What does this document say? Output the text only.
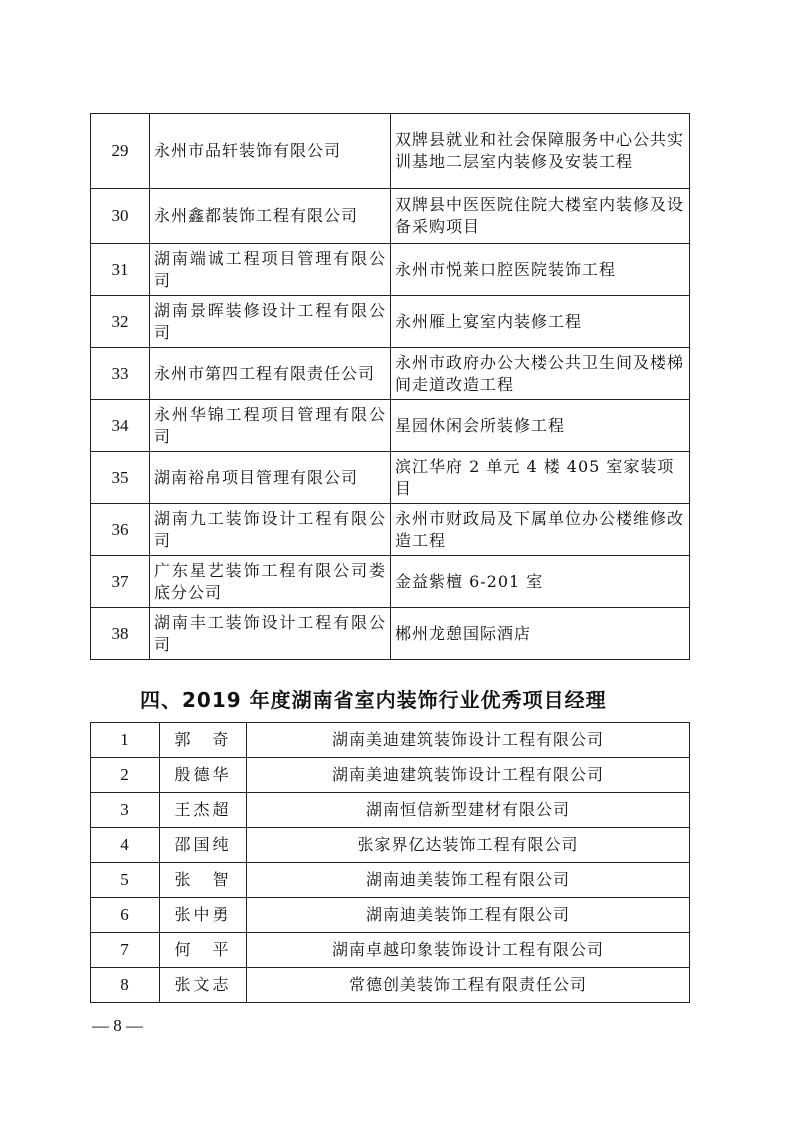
29	永州市品轩装饰有限公司	双牌县就业和社会保障服务中心公共实训基地二层室内装修及安装工程
30	永州鑫都装饰工程有限公司	双牌县中医医院住院大楼室内装修及设备采购项目
31	湖南端诚工程项目管理有限公司	永州市悦莱口腔医院装饰工程
32	湖南景晖装修设计工程有限公司	永州雁上宴室内装修工程
33	永州市第四工程有限责任公司	永州市政府办公大楼公共卫生间及楼梯间走道改造工程
34	永州华锦工程项目管理有限公司	星园休闲会所装修工程
35	湖南裕帛项目管理有限公司	滨江华府 2 单元 4 楼 405 室家装项目
36	湖南九工装饰设计工程有限公司	永州市财政局及下属单位办公楼维修改造工程
37	广东星艺装饰工程有限公司娄底分公司	金益紫檀 6-201 室
38	湖南丰工装饰设计工程有限公司	郴州龙憩国际酒店
四、2019 年度湖南省室内装饰行业优秀项目经理
1	郭　奇	湖南美迪建筑装饰设计工程有限公司
2	殷德华	湖南美迪建筑装饰设计工程有限公司
3	王杰超	湖南恒信新型建材有限公司
4	邵国纯	张家界亿达装饰工程有限公司
5	张　智	湖南迪美装饰工程有限公司
6	张中勇	湖南迪美装饰工程有限公司
7	何　平	湖南卓越印象装饰设计工程有限公司
8	张文志	常德创美装饰工程有限责任公司
— 8 —
